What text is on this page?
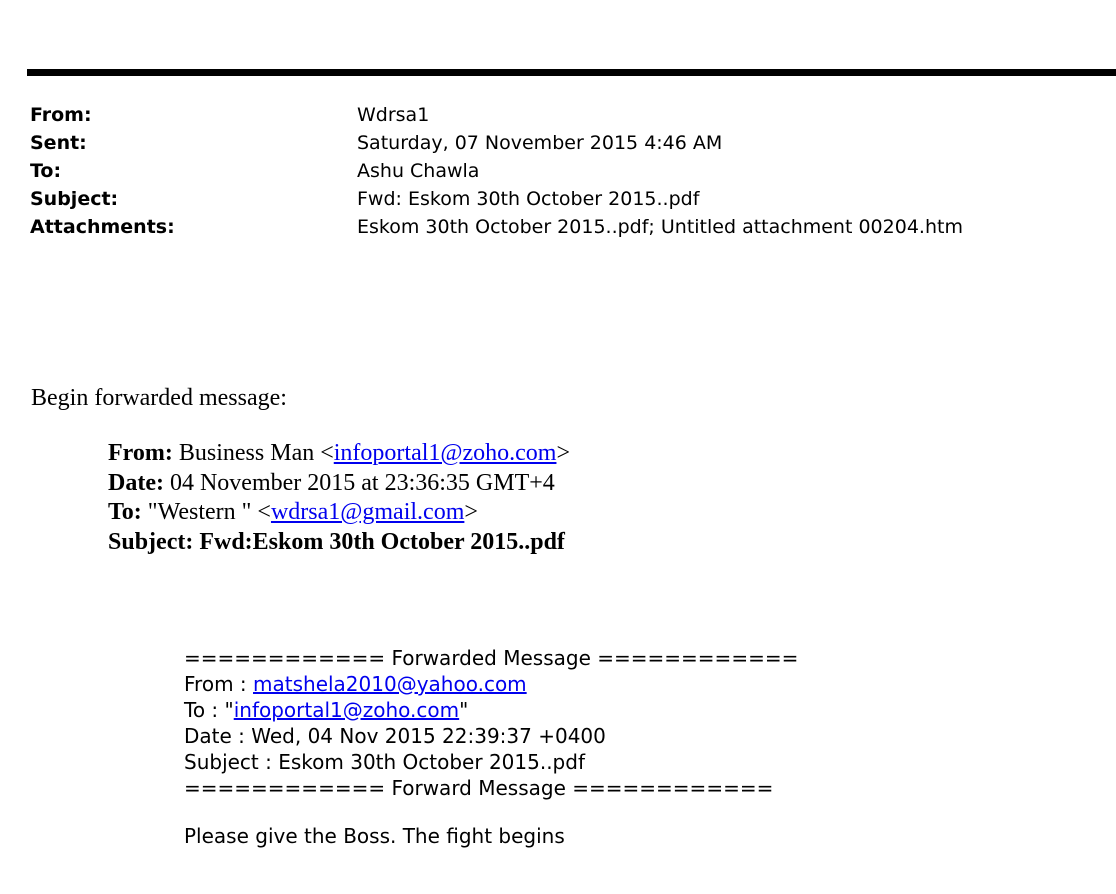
From:	Wdrsa1
Sent:	Saturday, 07 November 2015 4:46 AM
To:	Ashu Chawla
Subject:	Fwd: Eskom 30th October 2015..pdf
Attachments:	Eskom 30th October 2015..pdf; Untitled attachment 00204.htm
Begin forwarded message:
From: Business Man <infoportal1@zoho.com>
Date: 04 November 2015 at 23:36:35 GMT+4
To: "Western " <wdrsa1@gmail.com>
Subject: Fwd:Eskom 30th October 2015..pdf
============ Forwarded Message ============
From : matshela2010@yahoo.com
To : "infoportal1@zoho.com"
Date : Wed, 04 Nov 2015 22:39:37 +0400
Subject : Eskom 30th October 2015..pdf
============ Forward Message ============
Please give the Boss. The fight begins
